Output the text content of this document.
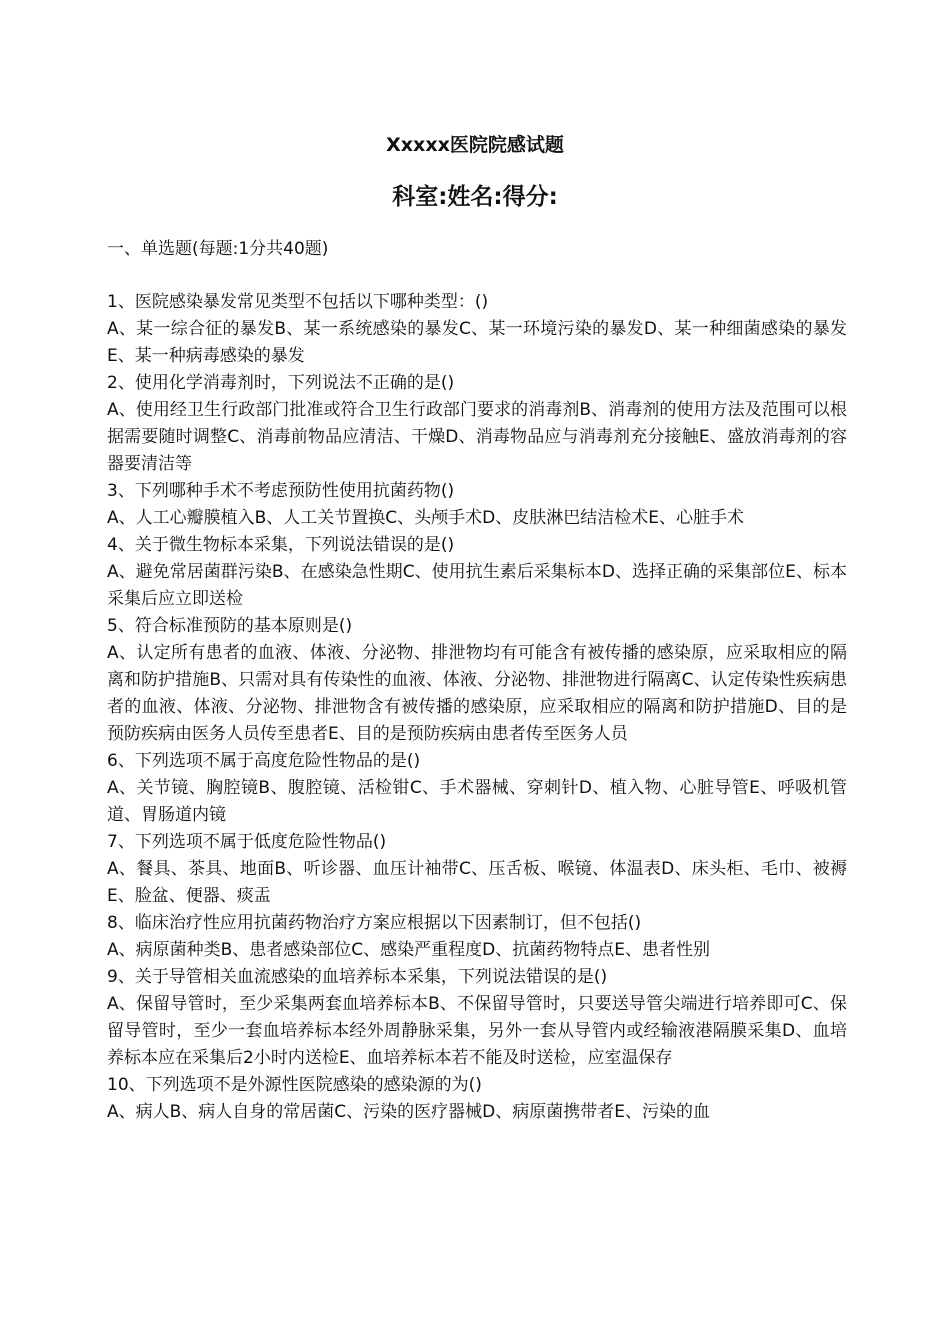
Xxxxx医院院感试题
科室:姓名:得分:
一、单选题(每题:1分共40题)

1、医院感染暴发常见类型不包括以下哪种类型：()

A、某一综合征的暴发B、某一系统感染的暴发C、某一环境污染的暴发D、某一种细菌感染的暴发E、某一种病毒感染的暴发

2、使用化学消毒剂时，下列说法不正确的是()

A、使用经卫生行政部门批准或符合卫生行政部门要求的消毒剂B、消毒剂的使用方法及范围可以根据需要随时调整C、消毒前物品应清洁、干燥D、消毒物品应与消毒剂充分接触E、盛放消毒剂的容器要清洁等

3、下列哪种手术不考虑预防性使用抗菌药物()

A、人工心瓣膜植入B、人工关节置换C、头颅手术D、皮肤淋巴结洁检术E、心脏手术

4、关于微生物标本采集，下列说法错误的是()

A、避免常居菌群污染B、在感染急性期C、使用抗生素后采集标本D、选择正确的采集部位E、标本采集后应立即送检

5、符合标准预防的基本原则是()

A、认定所有患者的血液、体液、分泌物、排泄物均有可能含有被传播的感染原，应采取相应的隔离和防护措施B、只需对具有传染性的血液、体液、分泌物、排泄物进行隔离C、认定传染性疾病患者的血液、体液、分泌物、排泄物含有被传播的感染原，应采取相应的隔离和防护措施D、目的是预防疾病由医务人员传至患者E、目的是预防疾病由患者传至医务人员

6、下列选项不属于高度危险性物品的是()

A、关节镜、胸腔镜B、腹腔镜、活检钳C、手术器械、穿刺针D、植入物、心脏导管E、呼吸机管道、胃肠道内镜

7、下列选项不属于低度危险性物品()

A、餐具、茶具、地面B、听诊器、血压计袖带C、压舌板、喉镜、体温表D、床头柜、毛巾、被褥E、脸盆、便器、痰盂

8、临床治疗性应用抗菌药物治疗方案应根据以下因素制订，但不包括()

A、病原菌种类B、患者感染部位C、感染严重程度D、抗菌药物特点E、患者性别

9、关于导管相关血流感染的血培养标本采集，下列说法错误的是()

A、保留导管时，至少采集两套血培养标本B、不保留导管时，只要送导管尖端进行培养即可C、保留导管时，至少一套血培养标本经外周静脉采集，另外一套从导管内或经输液港隔膜采集D、血培养标本应在采集后2小时内送检E、血培养标本若不能及时送检，应室温保存

10、下列选项不是外源性医院感染的感染源的为()

A、病人B、病人自身的常居菌C、污染的医疗器械D、病原菌携带者E、污染的血
